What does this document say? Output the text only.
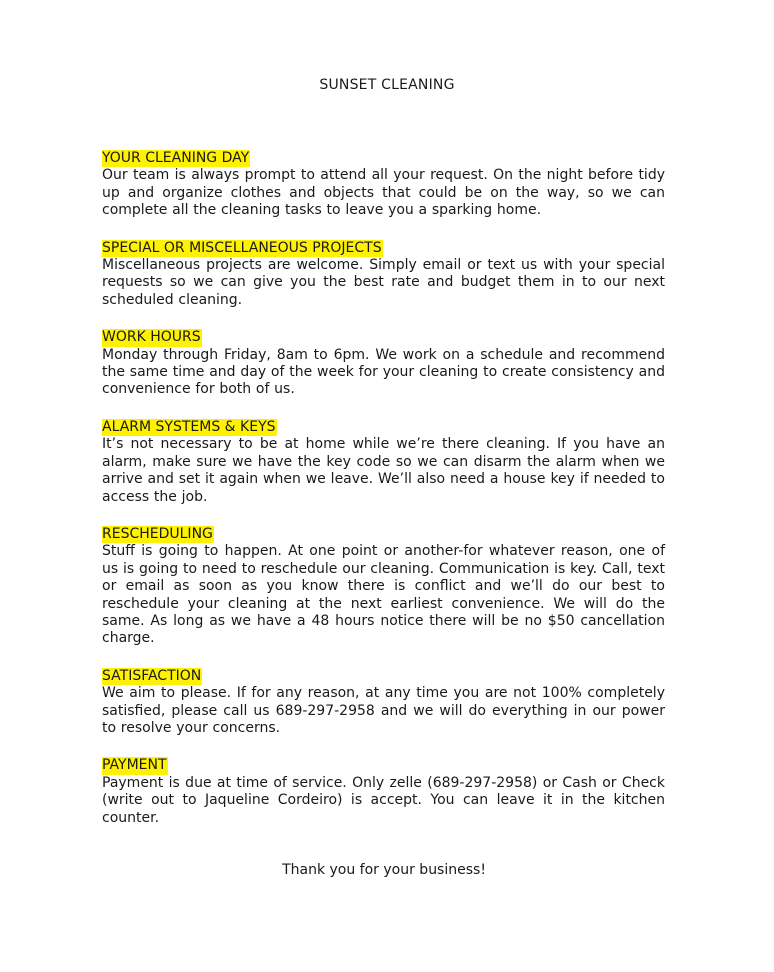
SUNSET CLEANING

YOUR CLEANING DAY

Our team is always prompt to attend all your request. On the night before tidy up and organize clothes and objects that could be on the way, so we can complete all the cleaning tasks to leave you a sparking home.

SPECIAL OR MISCELLANEOUS PROJECTS

Miscellaneous projects are welcome. Simply email or text us with your special requests so we can give you the best rate and budget them in to our next scheduled cleaning.

WORK HOURS

Monday through Friday, 8am to 6pm. We work on a schedule and recommend the same time and day of the week for your cleaning to create consistency and convenience for both of us.

ALARM SYSTEMS & KEYS

It’s not necessary to be at home while we’re there cleaning. If you have an alarm, make sure we have the key code so we can disarm the alarm when we arrive and set it again when we leave. We’ll also need a house key if needed to access the job.

RESCHEDULING

Stuff is going to happen. At one point or another-for whatever reason, one of us is going to need to reschedule our cleaning. Communication is key. Call, text or email as soon as you know there is conflict and we’ll do our best to reschedule your cleaning at the next earliest convenience. We will do the same. As long as we have a 48 hours notice there will be no $50 cancellation charge.

SATISFACTION

We aim to please. If for any reason, at any time you are not 100% completely satisfied, please call us 689-297-2958 and we will do everything in our power to resolve your concerns.

PAYMENT

Payment is due at time of service. Only zelle (689-297-2958) or Cash or Check (write out to Jaqueline Cordeiro) is accept. You can leave it in the kitchen counter.

Thank you for your business!
